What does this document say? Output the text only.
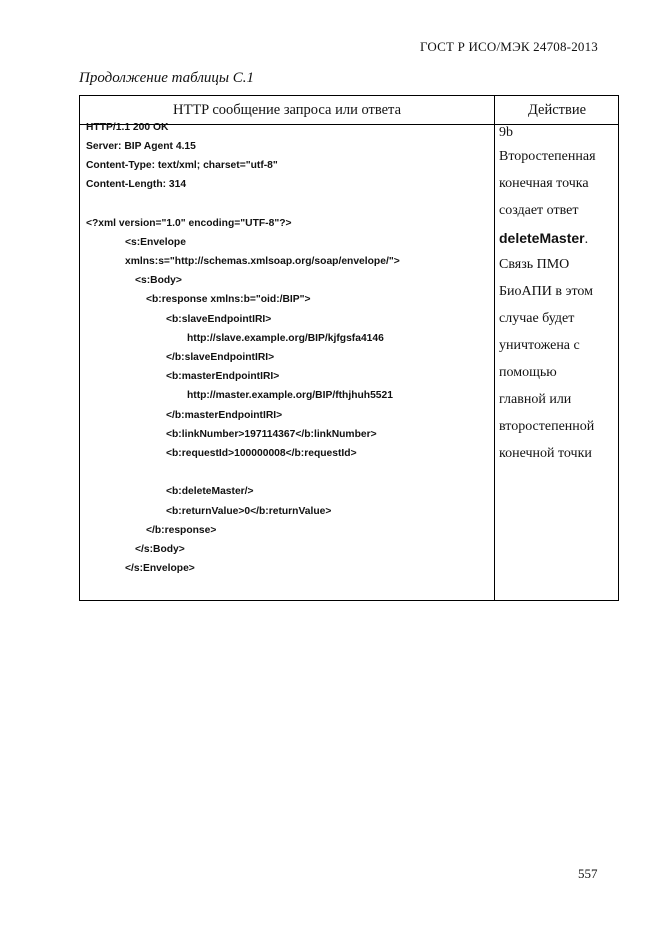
ГОСТ Р ИСО/МЭК 24708-2013
Продолжение таблицы С.1
HTTP сообщение запроса или ответа	Действие
HTTP/1.1 200 OK
Server: BIP Agent 4.15
Content-Type: text/xml; charset="utf-8"
Content-Length: 314
<?xml version="1.0" encoding="UTF-8"?>
<s:Envelope
xmlns:s="http://schemas.xmlsoap.org/soap/envelope/">
<s:Body>
<b:response xmlns:b="oid:/BIP">
<b:slaveEndpointIRI>
http://slave.example.org/BIP/kjfgsfa4146
</b:slaveEndpointIRI>
<b:masterEndpointIRI>
http://master.example.org/BIP/fthjhuh5521
</b:masterEndpointIRI>
<b:linkNumber>197114367</b:linkNumber>
<b:requestId>100000008</b:requestId>
<b:deleteMaster/>
<b:returnValue>0</b:returnValue>
</b:response>
</s:Body>
</s:Envelope>
9b
Второстепенная
конечная точка
создает ответ
deleteMaster.
Связь ПМО
БиоАПИ в этом
случае будет
уничтожена с
помощью
главной или
второстепенной
конечной точки
557
